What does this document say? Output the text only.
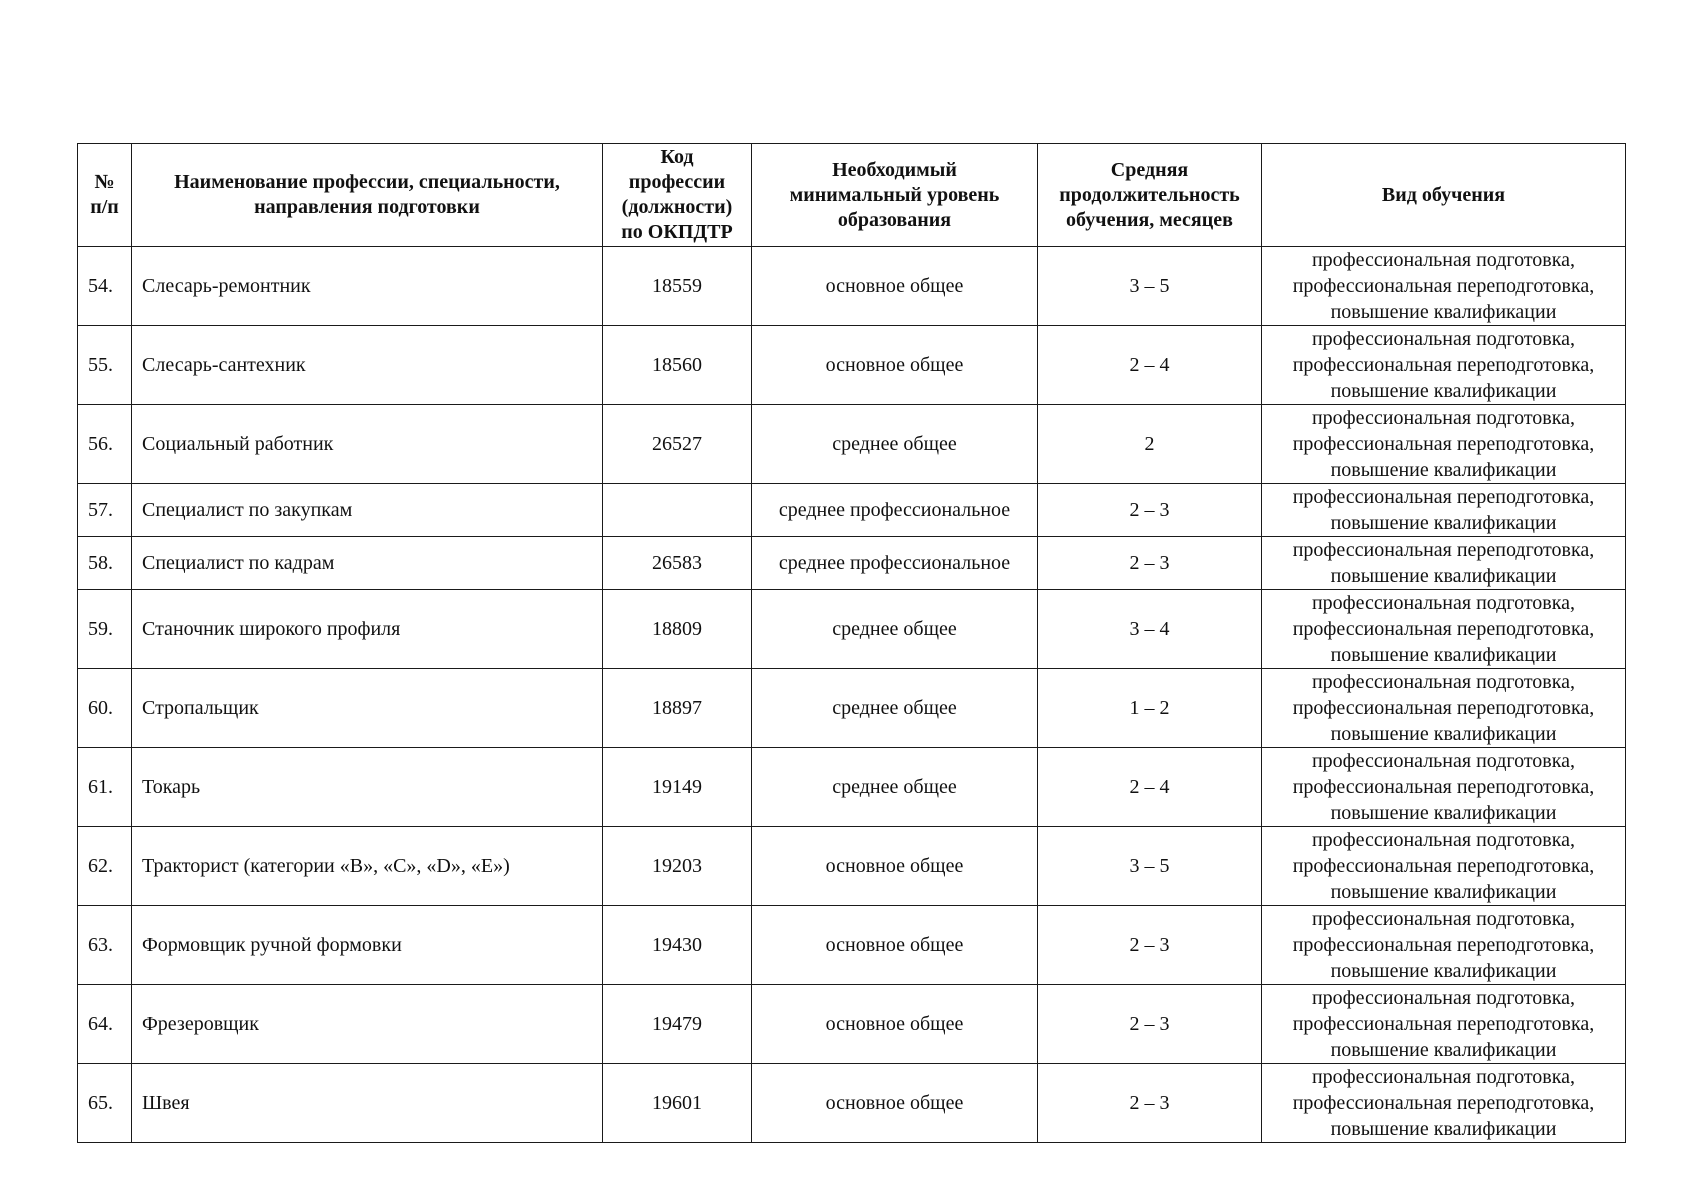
№
п/п	Наименование профессии, специальности,
направления подготовки	Код
профессии
(должности)
по ОКПДТР	Необходимый
минимальный уровень
образования	Средняя
продолжительность
обучения, месяцев	Вид обучения
54.	Слесарь-ремонтник	18559	основное общее	3 – 5	профессиональная подготовка,
профессиональная переподготовка,
повышение квалификации

55.	Слесарь-сантехник	18560	основное общее	2 – 4	профессиональная подготовка,
профессиональная переподготовка,
повышение квалификации

56.	Социальный работник	26527	среднее общее	2	профессиональная подготовка,
профессиональная переподготовка,
повышение квалификации

57.	Специалист по закупкам		среднее профессиональное	2 – 3	профессиональная переподготовка,
повышение квалификации

58.	Специалист по кадрам	26583	среднее профессиональное	2 – 3	профессиональная переподготовка,
повышение квалификации

59.	Станочник широкого профиля	18809	среднее общее	3 – 4	профессиональная подготовка,
профессиональная переподготовка,
повышение квалификации

60.	Стропальщик	18897	среднее общее	1 – 2	профессиональная подготовка,
профессиональная переподготовка,
повышение квалификации

61.	Токарь	19149	среднее общее	2 – 4	профессиональная подготовка,
профессиональная переподготовка,
повышение квалификации

62.	Тракторист (категории «В», «С», «D», «Е»)	19203	основное общее	3 – 5	профессиональная подготовка,
профессиональная переподготовка,
повышение квалификации

63.	Формовщик ручной формовки	19430	основное общее	2 – 3	профессиональная подготовка,
профессиональная переподготовка,
повышение квалификации

64.	Фрезеровщик	19479	основное общее	2 – 3	профессиональная подготовка,
профессиональная переподготовка,
повышение квалификации

65.	Швея	19601	основное общее	2 – 3	профессиональная подготовка,
профессиональная переподготовка,
повышение квалификации
